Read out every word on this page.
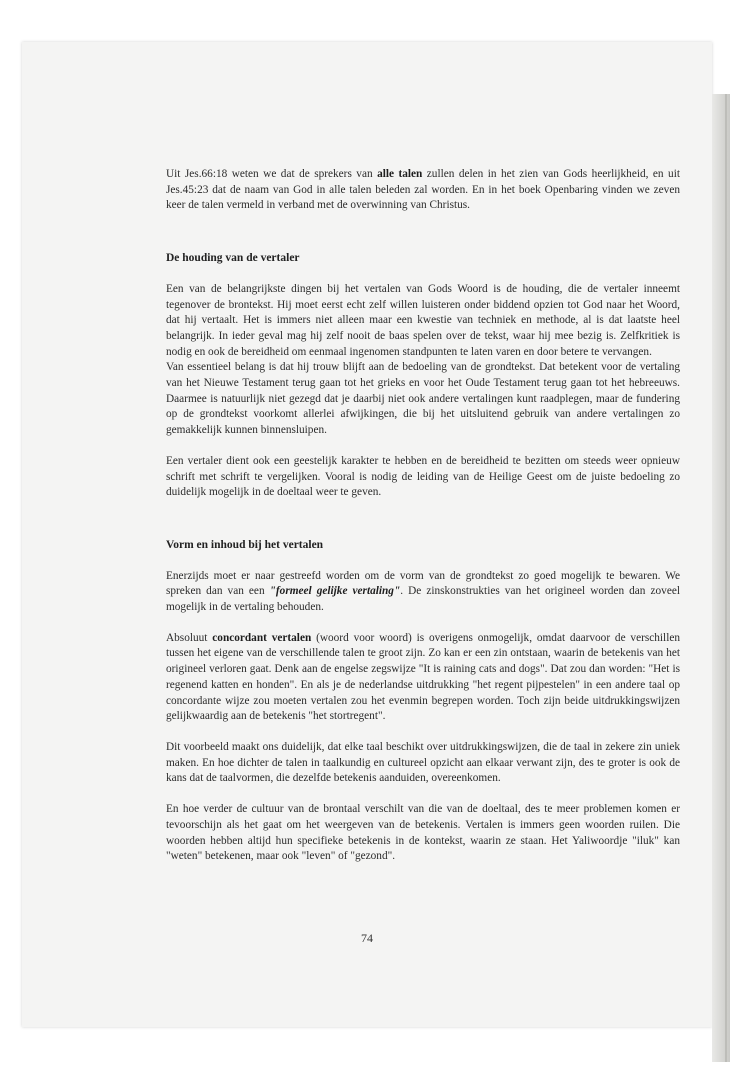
Uit Jes.66:18 weten we dat de sprekers van alle talen zullen delen in het zien van Gods heerlijkheid, en uit Jes.45:23 dat de naam van God in alle talen beleden zal worden. En in het boek Openbaring vinden we zeven keer de talen vermeld in verband met de overwinning van Christus.

De houding van de vertaler

Een van de belangrijkste dingen bij het vertalen van Gods Woord is de houding, die de vertaler inneemt tegenover de brontekst. Hij moet eerst echt zelf willen luisteren onder biddend opzien tot God naar het Woord, dat hij vertaalt. Het is immers niet alleen maar een kwestie van techniek en methode, al is dat laatste heel belangrijk. In ieder geval mag hij zelf nooit de baas spelen over de tekst, waar hij mee bezig is. Zelfkritiek is nodig en ook de bereidheid om eenmaal ingenomen standpunten te laten varen en door betere te vervangen.

Van essentieel belang is dat hij trouw blijft aan de bedoeling van de grondtekst. Dat betekent voor de vertaling van het Nieuwe Testament terug gaan tot het grieks en voor het Oude Testament terug gaan tot het hebreeuws. Daarmee is natuurlijk niet gezegd dat je daarbij niet ook andere vertalingen kunt raadplegen, maar de fundering op de grondtekst voorkomt allerlei afwijkingen, die bij het uitsluitend gebruik van andere vertalingen zo gemakkelijk kunnen binnensluipen.

Een vertaler dient ook een geestelijk karakter te hebben en de bereidheid te bezitten om steeds weer opnieuw schrift met schrift te vergelijken. Vooral is nodig de leiding van de Heilige Geest om de juiste bedoeling zo duidelijk mogelijk in de doeltaal weer te geven.

Vorm en inhoud bij het vertalen

Enerzijds moet er naar gestreefd worden om de vorm van de grondtekst zo goed mogelijk te bewaren. We spreken dan van een "formeel gelijke vertaling". De zinskonstrukties van het origineel worden dan zoveel mogelijk in de vertaling behouden.

Absoluut concordant vertalen (woord voor woord) is overigens onmogelijk, omdat daarvoor de verschillen tussen het eigene van de verschillende talen te groot zijn. Zo kan er een zin ontstaan, waarin de betekenis van het origineel verloren gaat. Denk aan de engelse zegswijze "It is raining cats and dogs". Dat zou dan worden: "Het is regenend katten en honden". En als je de nederlandse uitdrukking "het regent pijpestelen" in een andere taal op concordante wijze zou moeten vertalen zou het evenmin begrepen worden. Toch zijn beide uitdrukkingswijzen gelijkwaardig aan de betekenis "het stortregent".

Dit voorbeeld maakt ons duidelijk, dat elke taal beschikt over uitdrukkingswijzen, die de taal in zekere zin uniek maken. En hoe dichter de talen in taalkundig en cultureel opzicht aan elkaar verwant zijn, des te groter is ook de kans dat de taalvormen, die dezelfde betekenis aanduiden, overeenkomen.

En hoe verder de cultuur van de brontaal verschilt van die van de doeltaal, des te meer problemen komen er tevoorschijn als het gaat om het weergeven van de betekenis. Vertalen is immers geen woorden ruilen. Die woorden hebben altijd hun specifieke betekenis in de kontekst, waarin ze staan. Het Yaliwoordje "iluk" kan "weten" betekenen, maar ook "leven" of "gezond".

74
